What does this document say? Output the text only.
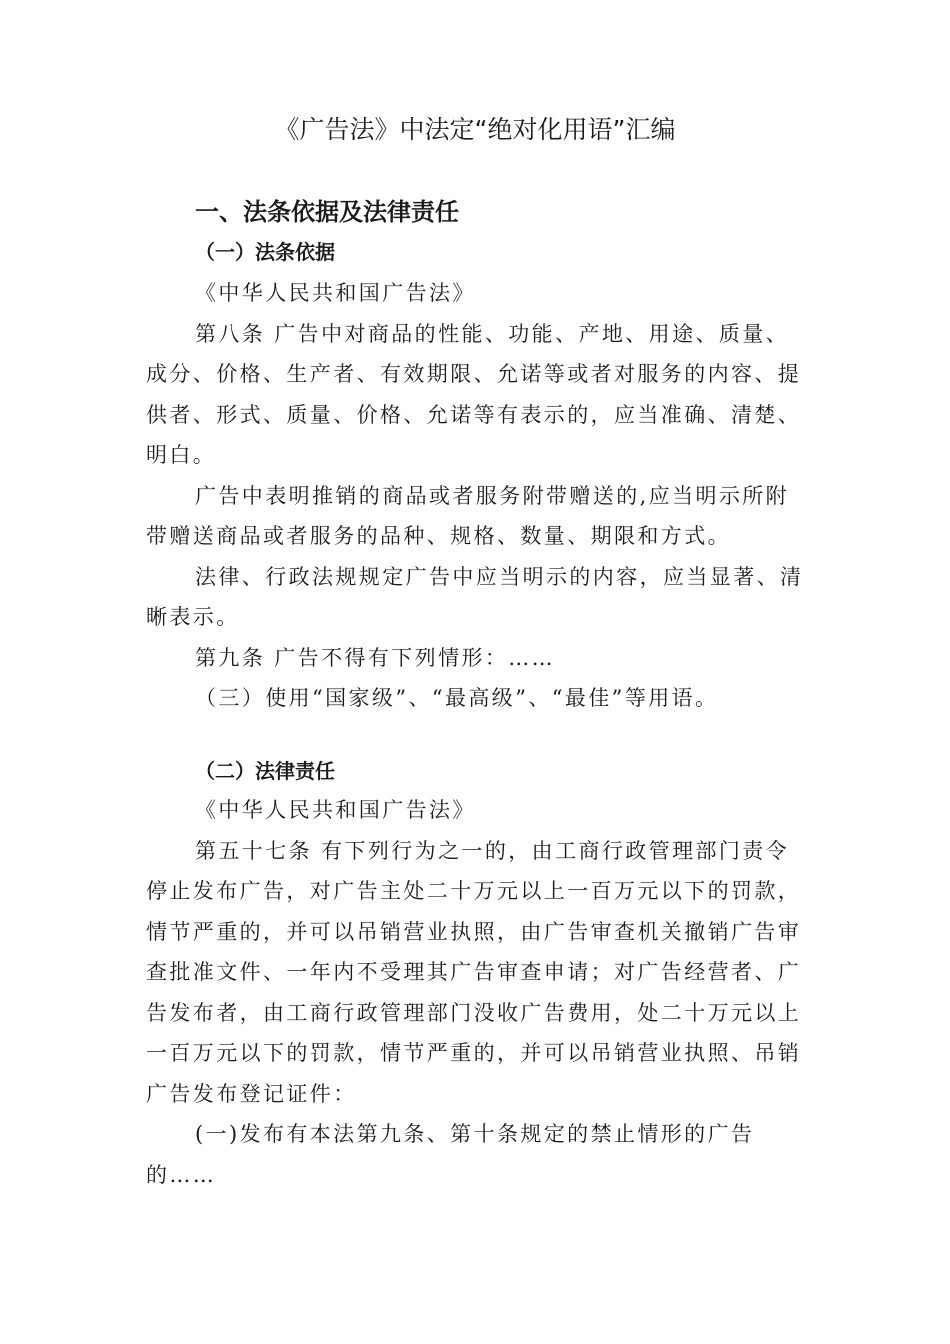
《广告法》中法定“绝对化用语”汇编
一、法条依据及法律责任
（一）法条依据
《中华人民共和国广告法》
第八条 广告中对商品的性能、功能、产地、用途、质量、
成分、价格、生产者、有效期限、允诺等或者对服务的内容、提
供者、形式、质量、价格、允诺等有表示的，应当准确、清楚、
明白。
广告中表明推销的商品或者服务附带赠送的,应当明示所附
带赠送商品或者服务的品种、规格、数量、期限和方式。
法律、行政法规规定广告中应当明示的内容，应当显著、清
晰表示。
第九条 广告不得有下列情形：……
（三）使用“国家级”、“最高级”、“最佳”等用语。
（二）法律责任
《中华人民共和国广告法》
第五十七条 有下列行为之一的，由工商行政管理部门责令
停止发布广告，对广告主处二十万元以上一百万元以下的罚款，
情节严重的，并可以吊销营业执照，由广告审查机关撤销广告审
查批准文件、一年内不受理其广告审查申请；对广告经营者、广
告发布者，由工商行政管理部门没收广告费用，处二十万元以上
一百万元以下的罚款，情节严重的，并可以吊销营业执照、吊销
广告发布登记证件：
(一)发布有本法第九条、第十条规定的禁止情形的广告
的……
